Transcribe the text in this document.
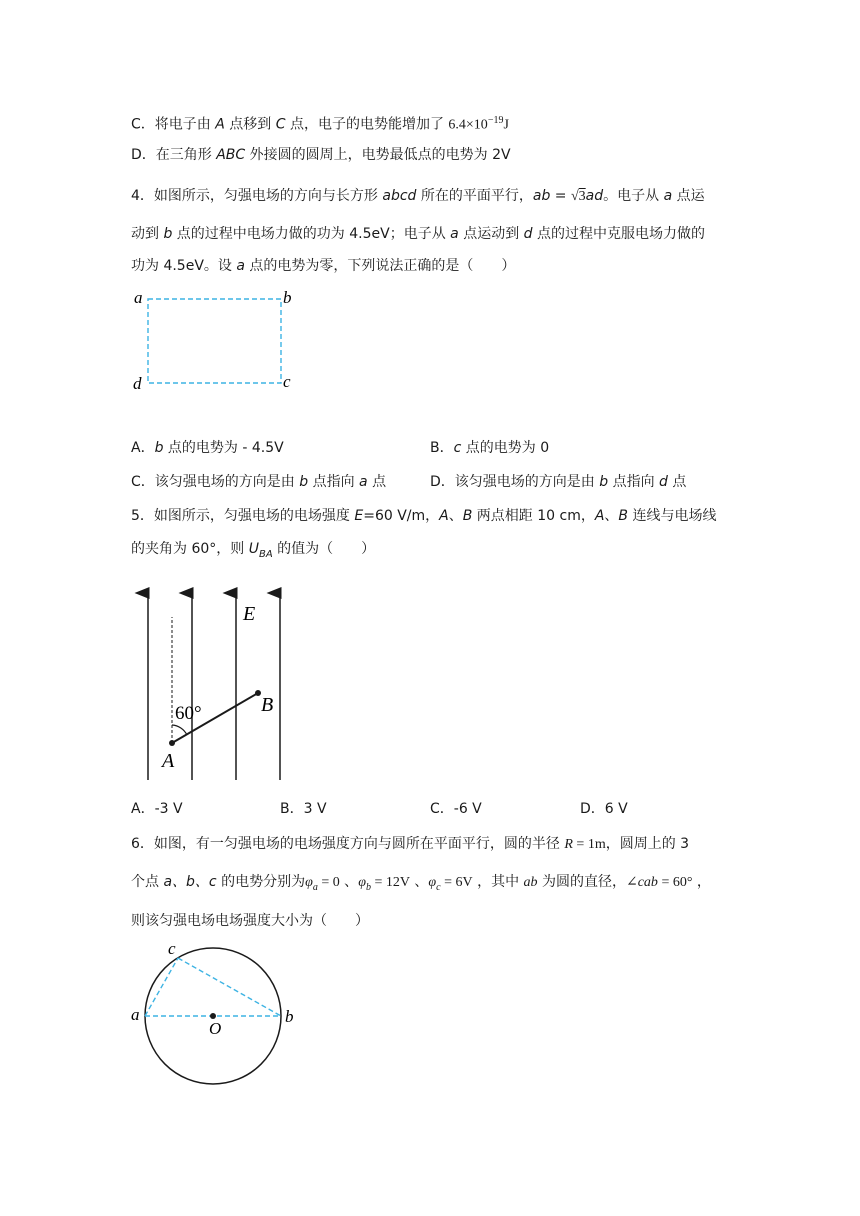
C．将电子由 A 点移到 C 点，电子的电势能增加了 $6.4\times 10^{-19}J$
D．在三角形 ABC 外接圆的圆周上，电势最低点的电势为 2V
4．如图所示，匀强电场的方向与长方形 abcd 所在的平面平行，ab = √3ad。电子从 a 点运
动到 b 点的过程中电场力做的功为 4.5eV；电子从 a 点运动到 d 点的过程中克服电场力做的
功为 4.5eV。设 a 点的电势为零，下列说法正确的是（　　）
a	b
d	c
A．b 点的电势为 - 4.5V	B．c 点的电势为 0
C．该匀强电场的方向是由 b 点指向 a 点	D．该匀强电场的方向是由 b 点指向 d 点
5．如图所示，匀强电场的电场强度 E=60 V/m，A、B 两点相距 10 cm，A、B 连线与电场线
的夹角为 60°，则 $U_{BA}$ 的值为（　　）
E
60°	B
A
A．-3 V	B．3 V	C．-6 V	D．6 V
6．如图，有一匀强电场的电场强度方向与圆所在平面平行，圆的半径 R = 1m，圆周上的 3
个点 a、b、c 的电势分别为$\varphi_a = 0$ 、$\varphi_b = 12V$ 、$\varphi_c = 6V$ ，其中 ab 为圆的直径，∠cab = 60° ，
则该匀强电场电场强度大小为（　　）
c
a	b
O
